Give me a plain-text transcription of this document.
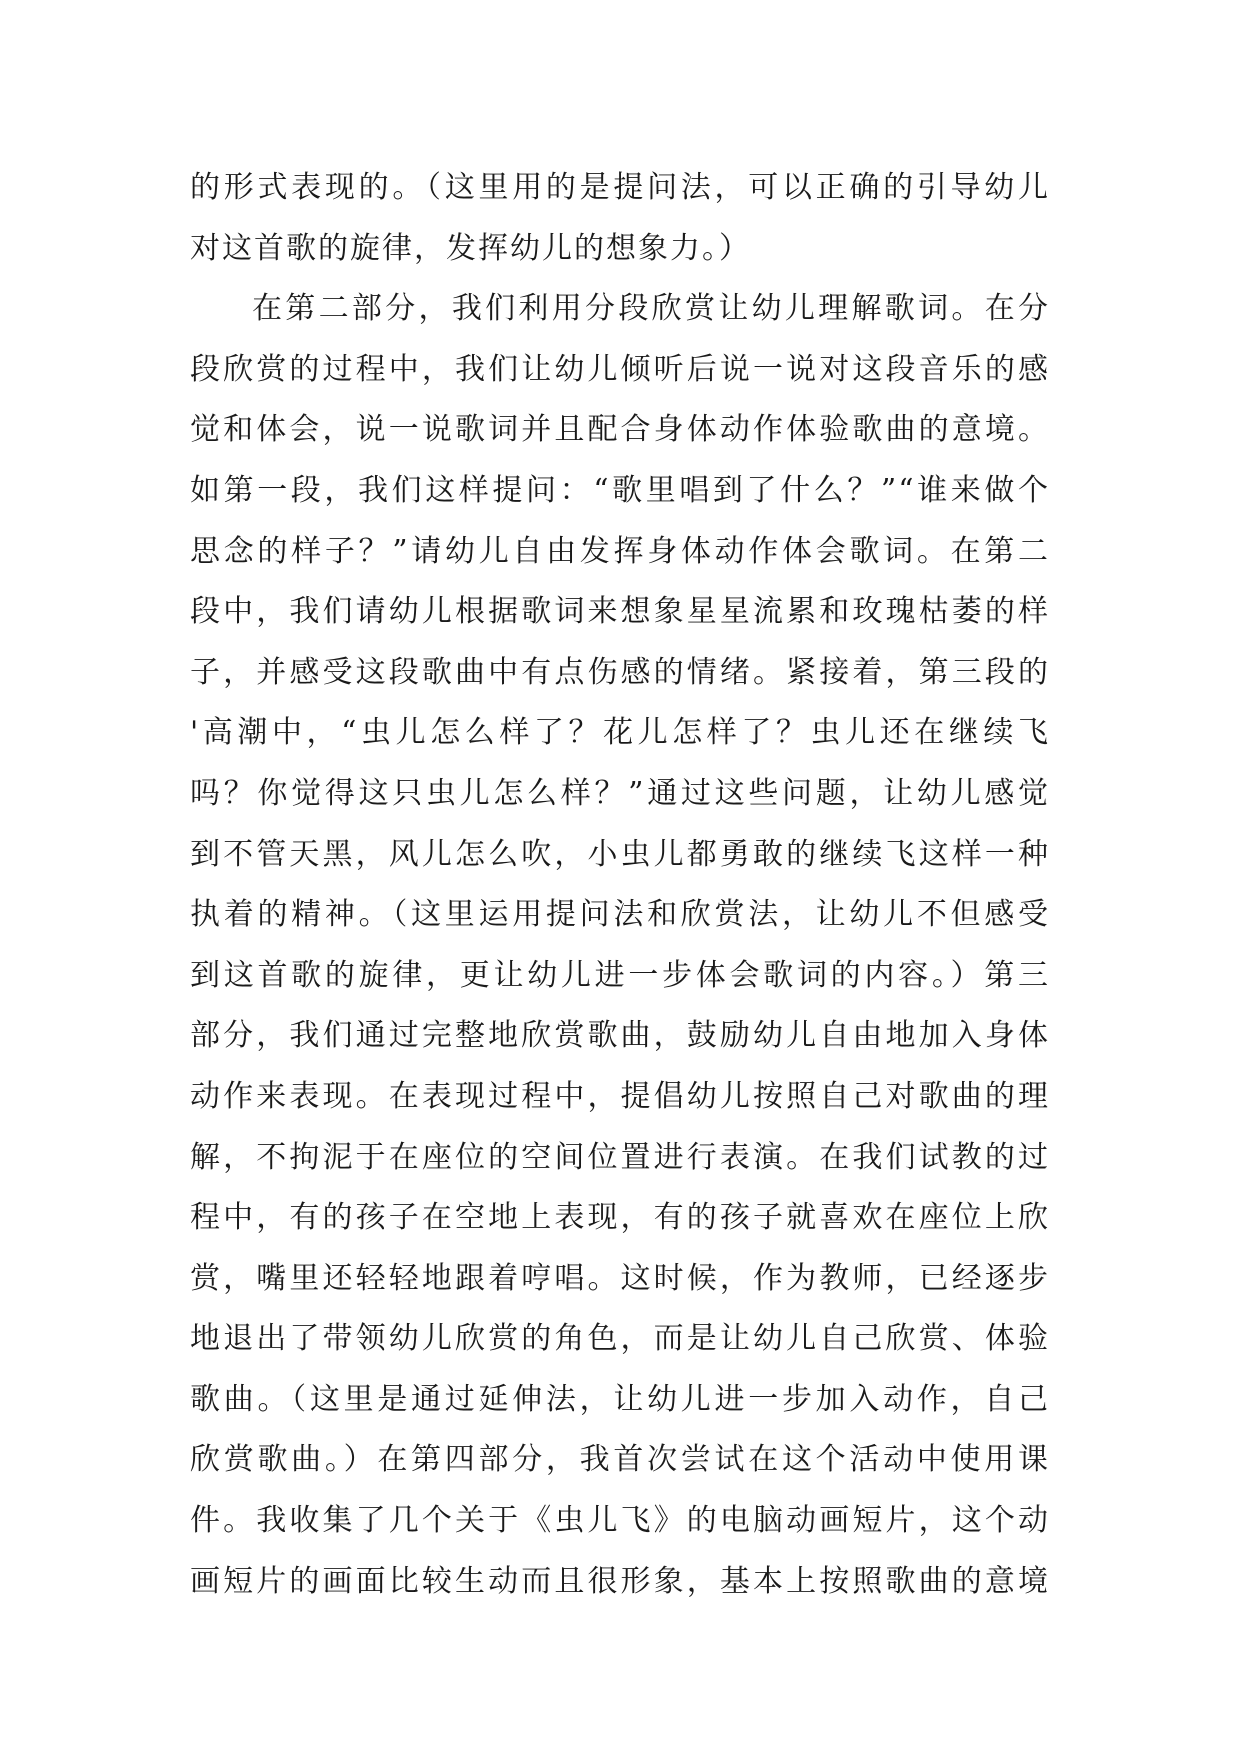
的形式表现的。（这里用的是提问法，可以正确的引导幼儿
对这首歌的旋律，发挥幼儿的想象力。）
在第二部分，我们利用分段欣赏让幼儿理解歌词。在分
段欣赏的过程中，我们让幼儿倾听后说一说对这段音乐的感
觉和体会，说一说歌词并且配合身体动作体验歌曲的意境。
如第一段，我们这样提问：“歌里唱到了什么？”“谁来做个
思念的样子？”请幼儿自由发挥身体动作体会歌词。在第二
段中，我们请幼儿根据歌词来想象星星流累和玫瑰枯萎的样
子，并感受这段歌曲中有点伤感的情绪。紧接着，第三段的
'高潮中，“虫儿怎么样了？花儿怎样了？虫儿还在继续飞
吗？你觉得这只虫儿怎么样？”通过这些问题，让幼儿感觉
到不管天黑，风儿怎么吹，小虫儿都勇敢的继续飞这样一种
执着的精神。（这里运用提问法和欣赏法，让幼儿不但感受
到这首歌的旋律，更让幼儿进一步体会歌词的内容。）第三
部分，我们通过完整地欣赏歌曲，鼓励幼儿自由地加入身体
动作来表现。在表现过程中，提倡幼儿按照自己对歌曲的理
解，不拘泥于在座位的空间位置进行表演。在我们试教的过
程中，有的孩子在空地上表现，有的孩子就喜欢在座位上欣
赏，嘴里还轻轻地跟着哼唱。这时候，作为教师，已经逐步
地退出了带领幼儿欣赏的角色，而是让幼儿自己欣赏、体验
歌曲。（这里是通过延伸法，让幼儿进一步加入动作，自己
欣赏歌曲。）在第四部分，我首次尝试在这个活动中使用课
件。我收集了几个关于《虫儿飞》的电脑动画短片，这个动
画短片的画面比较生动而且很形象，基本上按照歌曲的意境
